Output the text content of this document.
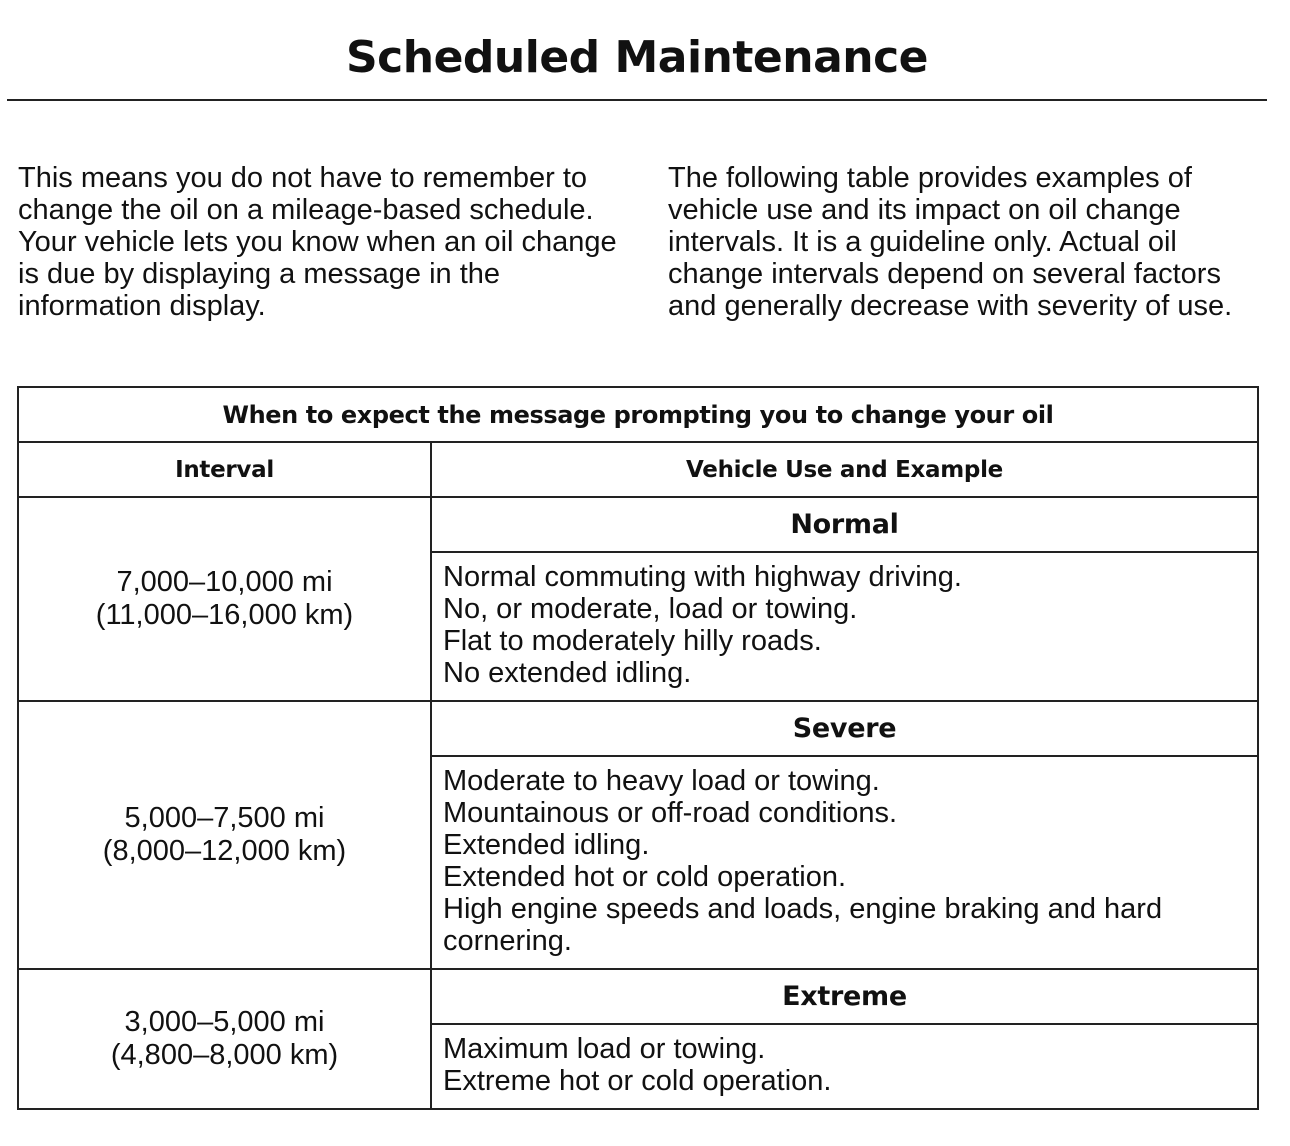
Scheduled Maintenance

This means you do not have to remember to change the oil on a mileage-based schedule. Your vehicle lets you know when an oil change is due by displaying a message in the information display.

The following table provides examples of vehicle use and its impact on oil change intervals. It is a guideline only. Actual oil change intervals depend on several factors and generally decrease with severity of use.

When to expect the message prompting you to change your oil	
Interval	Vehicle Use and Example

7,000–10,000 mi
(11,000–16,000 km)	Normal

	Normal commuting with highway driving.
No, or moderate, load or towing.
Flat to moderately hilly roads.
No extended idling.

5,000–7,500 mi
(8,000–12,000 km)	Severe

	Moderate to heavy load or towing.
Mountainous or off-road conditions.
Extended idling.
Extended hot or cold operation.
High engine speeds and loads, engine braking and hard cornering.

3,000–5,000 mi
(4,800–8,000 km)	Extreme

	Maximum load or towing.
Extreme hot or cold operation.
